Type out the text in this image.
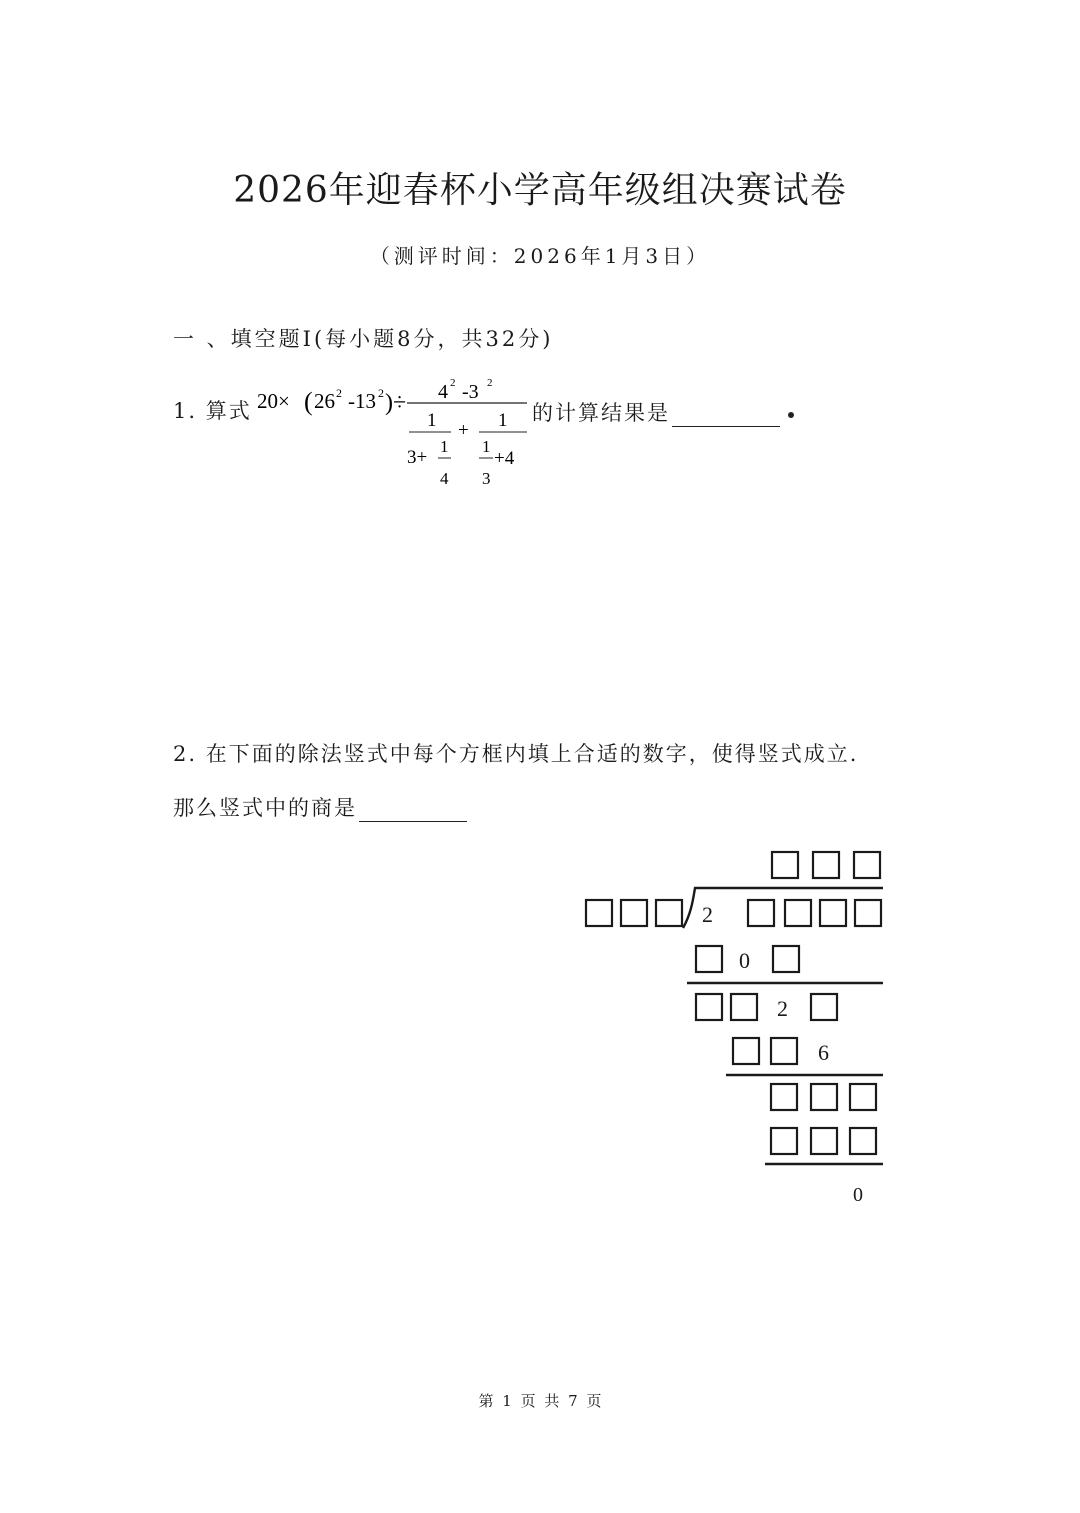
2026年迎春杯小学高年级组决赛试卷
（测评时间：2026年1月3日）
一 、填空题I(每小题8分，共32分)
1. 算式 20× ( 26 2 -13 2 )÷ 4 2 -3 2
1
3+
1
4
+ 1
1
3
+4
的计算结果是
2. 在下面的除法竖式中每个方框内填上合适的数字，使得竖式成立.
那么竖式中的商是
2
0
2
6
0
第 1 页 共 7 页
